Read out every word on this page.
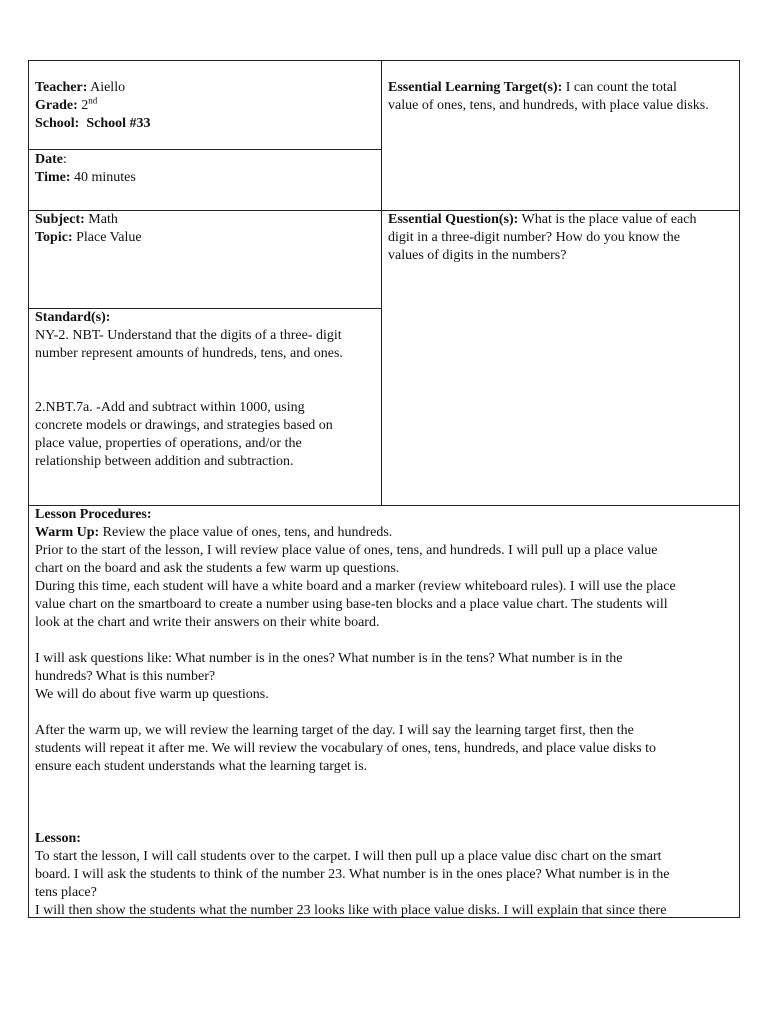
Teacher: Aiello
Grade: 2nd
School: School #33
Date:
Time: 40 minutes
Essential Learning Target(s): I can count the total
value of ones, tens, and hundreds, with place value disks.
Subject: Math
Topic: Place Value
Essential Question(s): What is the place value of each
digit in a three-digit number? How do you know the
values of digits in the numbers?
Standard(s):
NY-2. NBT- Understand that the digits of a three- digit
number represent amounts of hundreds, tens, and ones.
2.NBT.7a. -Add and subtract within 1000, using
concrete models or drawings, and strategies based on
place value, properties of operations, and/or the
relationship between addition and subtraction.
Lesson Procedures:
Warm Up: Review the place value of ones, tens, and hundreds.
Prior to the start of the lesson, I will review place value of ones, tens, and hundreds. I will pull up a place value
chart on the board and ask the students a few warm up questions.
During this time, each student will have a white board and a marker (review whiteboard rules). I will use the place
value chart on the smartboard to create a number using base-ten blocks and a place value chart. The students will
look at the chart and write their answers on their white board.
I will ask questions like: What number is in the ones? What number is in the tens? What number is in the
hundreds? What is this number?
We will do about five warm up questions.
After the warm up, we will review the learning target of the day. I will say the learning target first, then the
students will repeat it after me. We will review the vocabulary of ones, tens, hundreds, and place value disks to
ensure each student understands what the learning target is.
Lesson:
To start the lesson, I will call students over to the carpet. I will then pull up a place value disc chart on the smart
board. I will ask the students to think of the number 23. What number is in the ones place? What number is in the
tens place?
I will then show the students what the number 23 looks like with place value disks. I will explain that since there
